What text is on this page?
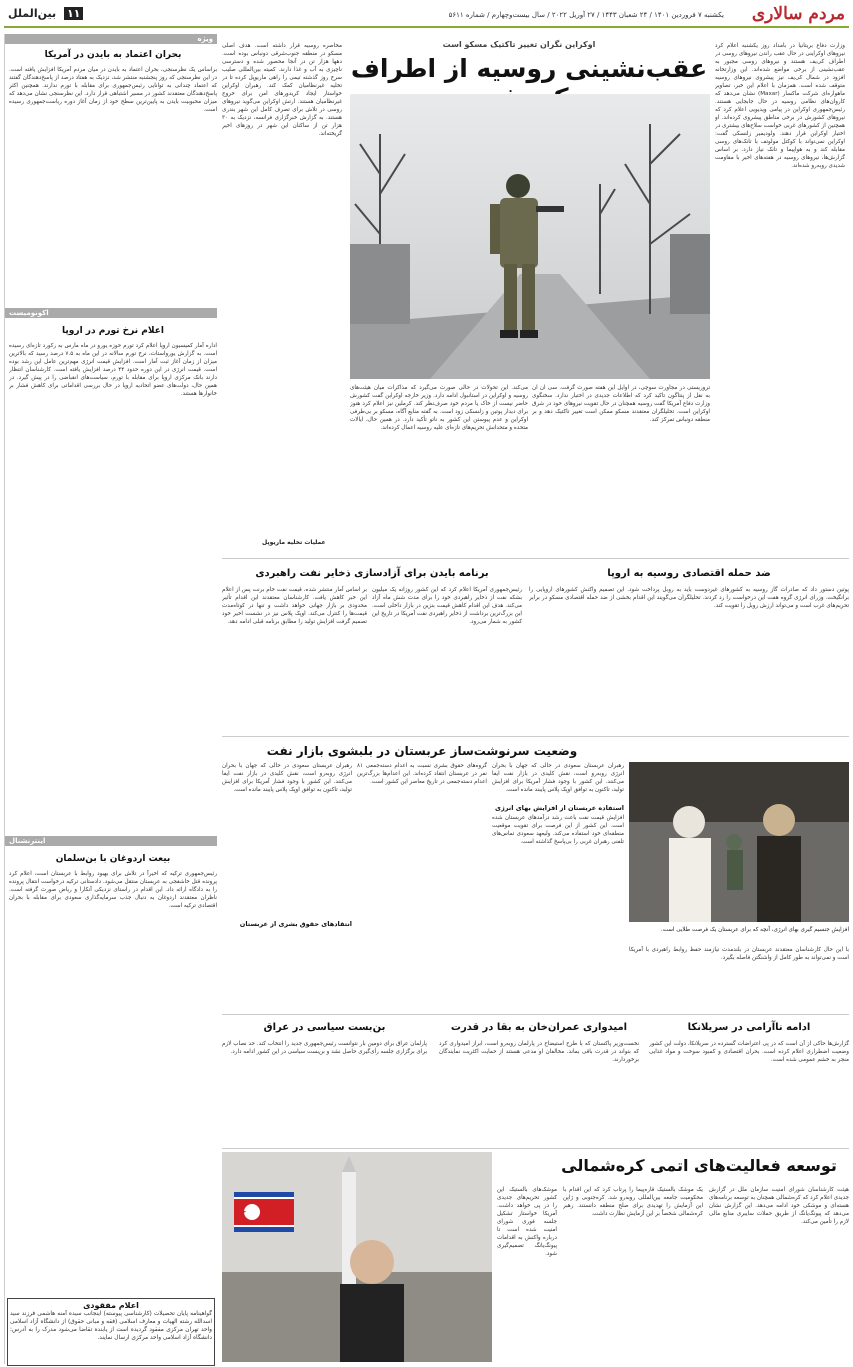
مردم سالاری
یکشنبه ۷ فروردین ۱۴۰۱ / ۲۴ شعبان ۱۴۴۳ / ۲۷ آوریل ۲۰۲۲ / سال بیست‌وچهارم / شماره ۵۶۱۱
۱۱ بین‌الملل
ویژه
بحران اعتماد به بایدن در آمریکا
براساس یک نظرسنجی، بحران اعتماد به بایدن در میان مردم آمریکا افزایش یافته است. در این نظرسنجی که روز پنجشنبه منتشر شد، نزدیک به هفتاد درصد از پاسخ‌دهندگان گفتند که اعتماد چندانی به توانایی رئیس‌جمهوری برای مقابله با تورم ندارند. همچنین اکثر پاسخ‌دهندگان معتقدند کشور در مسیر اشتباهی قرار دارد. این نظرسنجی نشان می‌دهد که میزان محبوبیت بایدن به پایین‌ترین سطح خود از زمان آغاز دوره ریاست‌جمهوری رسیده است.
اکونومیست
اعلام نرخ تورم در اروپا
اداره آمار کمیسیون اروپا اعلام کرد تورم حوزه یورو در ماه مارس به رکورد تازه‌ای رسیده است. به گزارش یورواستات، نرخ تورم سالانه در این ماه به ۷.۵ درصد رسید که بالاترین میزان از زمان آغاز ثبت آمار است. افزایش قیمت انرژی مهم‌ترین عامل این رشد بوده است. قیمت انرژی در این دوره حدود ۴۴ درصد افزایش یافته است. کارشناسان انتظار دارند بانک مرکزی اروپا برای مقابله با تورم، سیاست‌های انقباضی را در پیش گیرد. در همین حال، دولت‌های عضو اتحادیه اروپا در حال بررسی اقداماتی برای کاهش فشار بر خانوارها هستند.
اینترنشنال
بیعت اردوغان با بن‌سلمان
رئیس‌جمهوری ترکیه که اخیراً در تلاش برای بهبود روابط با عربستان است، اعلام کرد پرونده قتل خاشقجی به عربستان منتقل می‌شود. دادستانی ترکیه درخواست انتقال پرونده را به دادگاه ارائه داد. این اقدام در راستای نزدیکی آنکارا و ریاض صورت گرفته است. ناظران معتقدند اردوغان به دنبال جذب سرمایه‌گذاری سعودی برای مقابله با بحران اقتصادی ترکیه است.
اعلام مفقودی
گواهینامه پایان تحصیلات (کارشناسی پیوسته) اینجانب سیده آمنه هاشمی فرزند سید اسدالله رشته الهیات و معارف اسلامی (فقه و مبانی حقوق) از دانشگاه آزاد اسلامی واحد تهران مرکزی مفقود گردیده است از یابنده تقاضا می‌شود مدرک را به آدرس: دانشگاه آزاد اسلامی واحد مرکزی ارسال نمایند.
اوکراین نگران تغییر تاکتیک مسکو است
عقب‌نشینی روسیه از اطراف
وزارت دفاع بریتانیا در بامداد روز یکشنبه اعلام کرد نیروهای اوکراینی در حال عقب راندن نیروهای روسی در اطراف کی‌یف هستند و نیروهای روسی مجبور به عقب‌نشینی از برخی مواضع شده‌اند. این وزارتخانه افزود در شمال کی‌یف نیز پیشروی نیروهای روسیه متوقف شده است. همزمان با اعلام این خبر، تصاویر ماهواره‌ای شرکت ماکسار (Maxar) نشان می‌دهد که کاروان‌های نظامی روسیه در حال جابجایی هستند. رئیس‌جمهوری اوکراین در پیامی ویدیویی اعلام کرد که نیروهای کشورش در برخی مناطق پیشروی کرده‌اند. او همچنین از کشورهای غربی خواست سلاح‌های بیشتری در اختیار اوکراین قرار دهند. ولودیمیر زلنسکی گفت: اوکراین نمی‌تواند با کوکتل مولوتف با تانک‌های روسی مقابله کند و به هواپیما و تانک نیاز دارد. بر اساس گزارش‌ها، نیروهای روسیه در هفته‌های اخیر با مقاومت شدیدی روبه‌رو شده‌اند.
مخاصره روسیه قرار داشته است. هدف اصلی مسکو در منطقه جنوب‌شرقی دونباس بوده است. دهها هزار تن در آنجا محصور شده و دسترسی ناچیزی به آب و غذا دارند. کمیته بین‌المللی صلیب سرخ روز گذشته تیمی را راهی ماریوپل کرده تا در تخلیه غیرنظامیان کمک کند. رهبران اوکراین خواستار ایجاد کریدورهای امن برای خروج غیرنظامیان هستند. ارتش اوکراین می‌گوید نیروهای روسی در تلاش برای تصرف کامل این شهر بندری هستند. به گزارش خبرگزاری فرانسه، نزدیک به ۳۰ هزار تن از ساکنان این شهر در روزهای اخیر گریخته‌اند.
می‌کند. این تحولات در حالی صورت می‌گیرد که مذاکرات میان هیئت‌های روسیه و اوکراین در استانبول ادامه دارد. وزیر خارجه اوکراین گفت کشورش حاضر نیست از خاک یا مردم خود صرف‌نظر کند. کرملین نیز اعلام کرد هنوز برای دیدار پوتین و زلنسکی زود است. به گفته منابع آگاه، مسکو بر بی‌طرفی اوکراین و عدم پیوستن این کشور به ناتو تأکید دارد. در همین حال، ایالات متحده و متحدانش تحریم‌های تازه‌ای علیه روسیه اعمال کرده‌اند.
تروریستی در مجاورت سوچی، در اوایل این هفته صورت گرفت. سی ان ان به نقل از پنتاگون تاکید کرد که اطلاعات جدیدی در اختیار ندارد. سخنگوی وزارت دفاع آمریکا گفت روسیه همچنان در حال تقویت نیروهای خود در شرق اوکراین است. تحلیلگران معتقدند مسکو ممکن است تغییر تاکتیک دهد و بر منطقه دونباس تمرکز کند.
عملیات تخلیه ماریوپل
ضد حمله اقتصادی روسیه به اروپا
پوتین دستور داد که صادرات گاز روسیه به کشورهای غیردوست باید به روبل پرداخت شود. این تصمیم واکنش کشورهای اروپایی را برانگیخت. وزرای انرژی گروه هفت این درخواست را رد کردند. تحلیلگران می‌گویند این اقدام بخشی از ضد حمله اقتصادی مسکو در برابر تحریم‌های غرب است و می‌تواند ارزش روبل را تقویت کند.
برنامه بایدن برای آزادسازی ذخایر نفت راهبردی
رئیس‌جمهوری آمریکا اعلام کرد که این کشور روزانه یک میلیون بشکه نفت از ذخایر راهبردی خود را برای مدت شش ماه آزاد می‌کند. هدف این اقدام کاهش قیمت بنزین در بازار داخلی است. این بزرگ‌ترین برداشت از ذخایر راهبردی نفت آمریکا در تاریخ این کشور به شمار می‌رود.
بر اساس آمار منتشر شده، قیمت نفت خام برنت پس از اعلام این خبر کاهش یافت. کارشناسان معتقدند این اقدام تأثیر محدودی بر بازار جهانی خواهد داشت و تنها در کوتاه‌مدت قیمت‌ها را کنترل می‌کند. اوپک پلاس نیز در نشست اخیر خود تصمیم گرفت افزایش تولید را مطابق برنامه قبلی ادامه دهد.
وضعیت سرنوشت‌ساز عربستان در بلبشوی بازار نفت
افزایش جنسیم گیری بهای انرژی، آنچه که برای عربستان یک فرصت طلایی است.
با این حال کارشناسان معتقدند عربستان در بلندمدت نیازمند حفظ روابط راهبردی با آمریکا است و نمی‌تواند به طور کامل از واشنگتن فاصله بگیرد.
رهبران عربستان سعودی در حالی که جهان با بحران انرژی روبه‌رو است، نقش کلیدی در بازار نفت ایفا می‌کنند. این کشور با وجود فشار آمریکا برای افزایش تولید، تاکنون به توافق اوپک پلاس پایبند مانده است.
استفاده عربستان از افزایش بهای انرژی
افزایش قیمت نفت باعث رشد درآمدهای عربستان شده است. این کشور از این فرصت برای تقویت موقعیت منطقه‌ای خود استفاده می‌کند. ولیعهد سعودی تماس‌های تلفنی رهبران غربی را بی‌پاسخ گذاشته است.
گروه‌های حقوق بشری نسبت به اعدام دسته‌جمعی ۸۱ نفر در عربستان انتقاد کرده‌اند. این اعدام‌ها بزرگ‌ترین اعدام دسته‌جمعی در تاریخ معاصر این کشور است.
انتقادهای حقوق بشری از عربستان
رهبران عربستان سعودی در حالی که جهان با بحران انرژی روبه‌رو است، نقش کلیدی در بازار نفت ایفا می‌کنند. این کشور با وجود فشار آمریکا برای افزایش تولید، تاکنون به توافق اوپک پلاس پایبند مانده است.
ادامه ناآرامی در سریلانکا
گزارش‌ها حاکی از آن است که در پی اعتراضات گسترده در سریلانکا، دولت این کشور وضعیت اضطراری اعلام کرده است. بحران اقتصادی و کمبود سوخت و مواد غذایی منجر به خشم عمومی شده است.
امیدواری عمران‌خان به بقا در قدرت
نخست‌وزیر پاکستان که با طرح استیضاح در پارلمان روبه‌رو است، ابراز امیدواری کرد که بتواند در قدرت باقی بماند. مخالفان او مدعی هستند از حمایت اکثریت نمایندگان برخوردارند.
بن‌بست سیاسی در عراق
پارلمان عراق برای دومین بار نتوانست رئیس‌جمهوری جدید را انتخاب کند. حد نصاب لازم برای برگزاری جلسه رأی‌گیری حاصل نشد و بن‌بست سیاسی در این کشور ادامه دارد.
توسعه فعالیت‌های اتمی کره‌شمالی
هیئت کارشناسان شورای امنیت سازمان ملل در گزارش جدیدی اعلام کرد که کره‌شمالی همچنان به توسعه برنامه‌های هسته‌ای و موشکی خود ادامه می‌دهد. این گزارش نشان می‌دهد که پیونگ‌یانگ از طریق حملات سایبری منابع مالی لازم را تأمین می‌کند.
یک موشک بالستیک قاره‌پیما را پرتاب کرد که این اقدام با محکومیت جامعه بین‌المللی روبه‌رو شد. کره‌جنوبی و ژاپن این آزمایش را تهدیدی برای صلح منطقه دانستند. رهبر کره‌شمالی شخصاً بر این آزمایش نظارت داشت.
موشک‌های بالستیک این کشور تحریم‌های جدیدی را در پی خواهد داشت. آمریکا خواستار تشکیل جلسه فوری شورای امنیت شده است تا درباره واکنش به اقدامات پیونگ‌یانگ تصمیم‌گیری شود.
★
